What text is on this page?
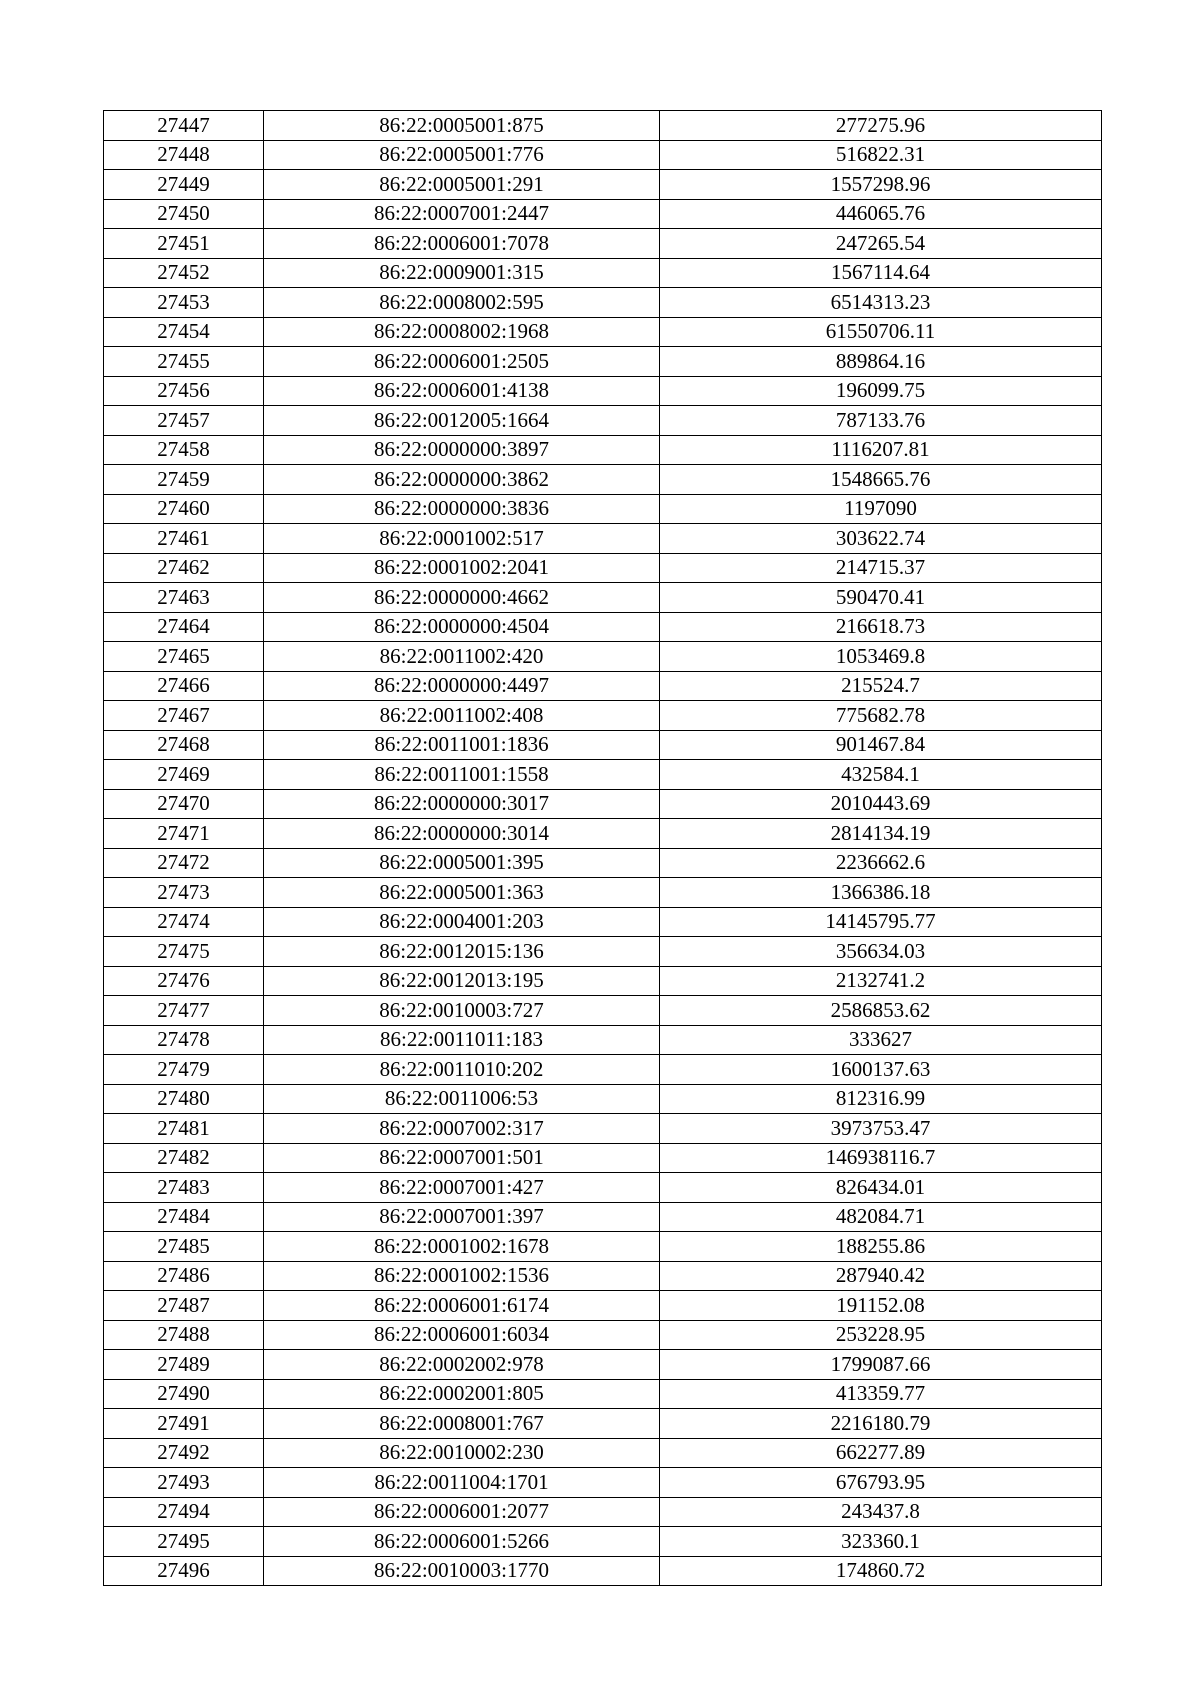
27447	86:22:0005001:875	277275.96
27448	86:22:0005001:776	516822.31
27449	86:22:0005001:291	1557298.96
27450	86:22:0007001:2447	446065.76
27451	86:22:0006001:7078	247265.54
27452	86:22:0009001:315	1567114.64
27453	86:22:0008002:595	6514313.23
27454	86:22:0008002:1968	61550706.11
27455	86:22:0006001:2505	889864.16
27456	86:22:0006001:4138	196099.75
27457	86:22:0012005:1664	787133.76
27458	86:22:0000000:3897	1116207.81
27459	86:22:0000000:3862	1548665.76
27460	86:22:0000000:3836	1197090
27461	86:22:0001002:517	303622.74
27462	86:22:0001002:2041	214715.37
27463	86:22:0000000:4662	590470.41
27464	86:22:0000000:4504	216618.73
27465	86:22:0011002:420	1053469.8
27466	86:22:0000000:4497	215524.7
27467	86:22:0011002:408	775682.78
27468	86:22:0011001:1836	901467.84
27469	86:22:0011001:1558	432584.1
27470	86:22:0000000:3017	2010443.69
27471	86:22:0000000:3014	2814134.19
27472	86:22:0005001:395	2236662.6
27473	86:22:0005001:363	1366386.18
27474	86:22:0004001:203	14145795.77
27475	86:22:0012015:136	356634.03
27476	86:22:0012013:195	2132741.2
27477	86:22:0010003:727	2586853.62
27478	86:22:0011011:183	333627
27479	86:22:0011010:202	1600137.63
27480	86:22:0011006:53	812316.99
27481	86:22:0007002:317	3973753.47
27482	86:22:0007001:501	146938116.7
27483	86:22:0007001:427	826434.01
27484	86:22:0007001:397	482084.71
27485	86:22:0001002:1678	188255.86
27486	86:22:0001002:1536	287940.42
27487	86:22:0006001:6174	191152.08
27488	86:22:0006001:6034	253228.95
27489	86:22:0002002:978	1799087.66
27490	86:22:0002001:805	413359.77
27491	86:22:0008001:767	2216180.79
27492	86:22:0010002:230	662277.89
27493	86:22:0011004:1701	676793.95
27494	86:22:0006001:2077	243437.8
27495	86:22:0006001:5266	323360.1
27496	86:22:0010003:1770	174860.72
